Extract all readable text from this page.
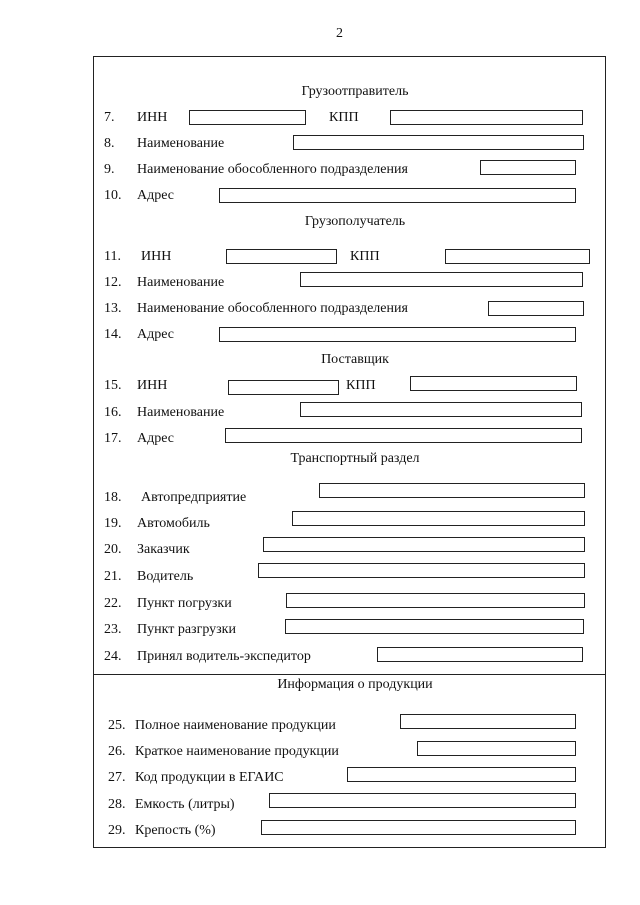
2
Грузоотправитель
7. ИНН	КПП
8. Наименование
9. Наименование обособленного подразделения
10. Адрес
Грузополучатель
11. ИНН	КПП
12. Наименование
13. Наименование обособленного подразделения
14. Адрес
Поставщик
15. ИНН	КПП
16. Наименование
17. Адрес
Транспортный раздел
18. Автопредприятие
19. Автомобиль
20. Заказчик
21. Водитель
22. Пункт погрузки
23. Пункт разгрузки
24. Принял водитель-экспедитор
Информация о продукции
25. Полное наименование продукции
26. Краткое наименование продукции
27. Код продукции в ЕГАИС
28. Емкость (литры)
29. Крепость (%)
